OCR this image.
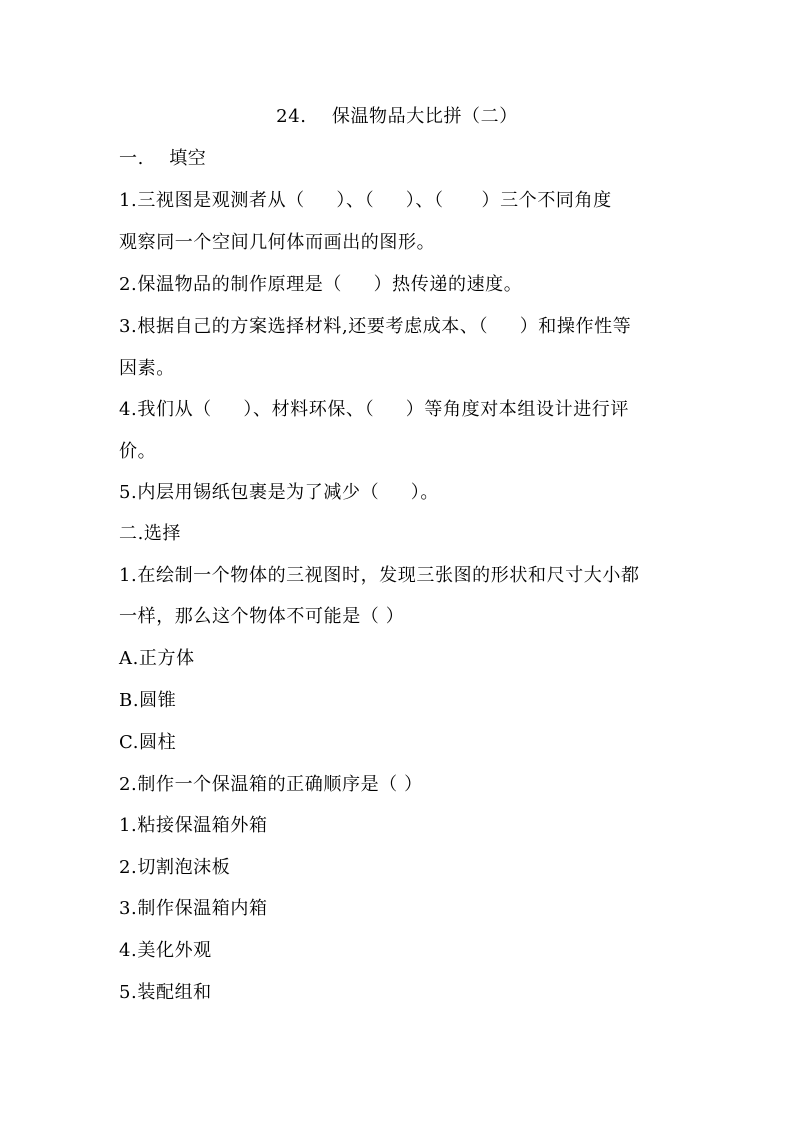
24.    保温物品大比拼（二）
一.    填空
1.三视图是观测者从（     ）、（     ）、（      ）三个不同角度
观察同一个空间几何体而画出的图形。
2.保温物品的制作原理是（     ）热传递的速度。
3.根据自己的方案选择材料,还要考虑成本、（     ）和操作性等
因素。
4.我们从（     ）、材料环保、（     ）等角度对本组设计进行评
价。
5.内层用锡纸包裹是为了减少（     ）。
二.选择
1.在绘制一个物体的三视图时，发现三张图的形状和尺寸大小都
一样，那么这个物体不可能是（ ）
A.正方体
B.圆锥
C.圆柱
2.制作一个保温箱的正确顺序是（ ）
1.粘接保温箱外箱
2.切割泡沫板
3.制作保温箱内箱
4.美化外观
5.装配组和
